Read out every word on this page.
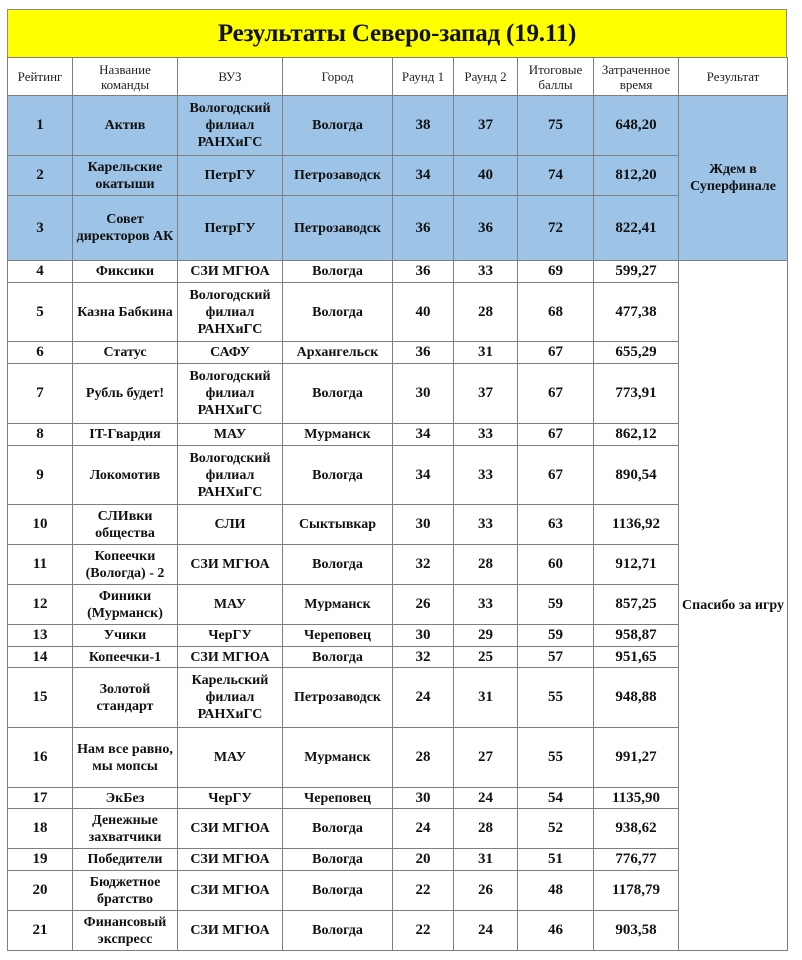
Результаты Северо-запад (19.11)
Рейтинг	Название команды	ВУЗ	Город	Раунд 1	Раунд 2	Итоговые баллы	Затраченное время	Результат
1	Актив	Вологодский филиал РАНХиГС	Вологда	38	37	75	648,20	Ждем в Суперфинале
2	Карельские окатыши	ПетрГУ	Петрозаводск	34	40	74	812,20	
3	Совет директоров АК	ПетрГУ	Петрозаводск	36	36	72	822,41	
4	Фиксики	СЗИ МГЮА	Вологда	36	33	69	599,27	Спасибо за игру
5	Казна Бабкина	Вологодский филиал РАНХиГС	Вологда	40	28	68	477,38	
6	Статус	САФУ	Архангельск	36	31	67	655,29	
7	Рубль будет!	Вологодский филиал РАНХиГС	Вологда	30	37	67	773,91	
8	IT-Гвардия	МАУ	Мурманск	34	33	67	862,12	
9	Локомотив	Вологодский филиал РАНХиГС	Вологда	34	33	67	890,54	
10	СЛИвки общества	СЛИ	Сыктывкар	30	33	63	1136,92	
11	Копеечки (Вологда) - 2	СЗИ МГЮА	Вологда	32	28	60	912,71	
12	Финики (Мурманск)	МАУ	Мурманск	26	33	59	857,25	
13	Учики	ЧерГУ	Череповец	30	29	59	958,87	
14	Копеечки-1	СЗИ МГЮА	Вологда	32	25	57	951,65	
15	Золотой стандарт	Карельский филиал РАНХиГС	Петрозаводск	24	31	55	948,88	
16	Нам все равно, мы мопсы	МАУ	Мурманск	28	27	55	991,27	
17	ЭкБез	ЧерГУ	Череповец	30	24	54	1135,90	
18	Денежные захватчики	СЗИ МГЮА	Вологда	24	28	52	938,62	
19	Победители	СЗИ МГЮА	Вологда	20	31	51	776,77	
20	Бюджетное братство	СЗИ МГЮА	Вологда	22	26	48	1178,79	
21	Финансовый экспресс	СЗИ МГЮА	Вологда	22	24	46	903,58	
